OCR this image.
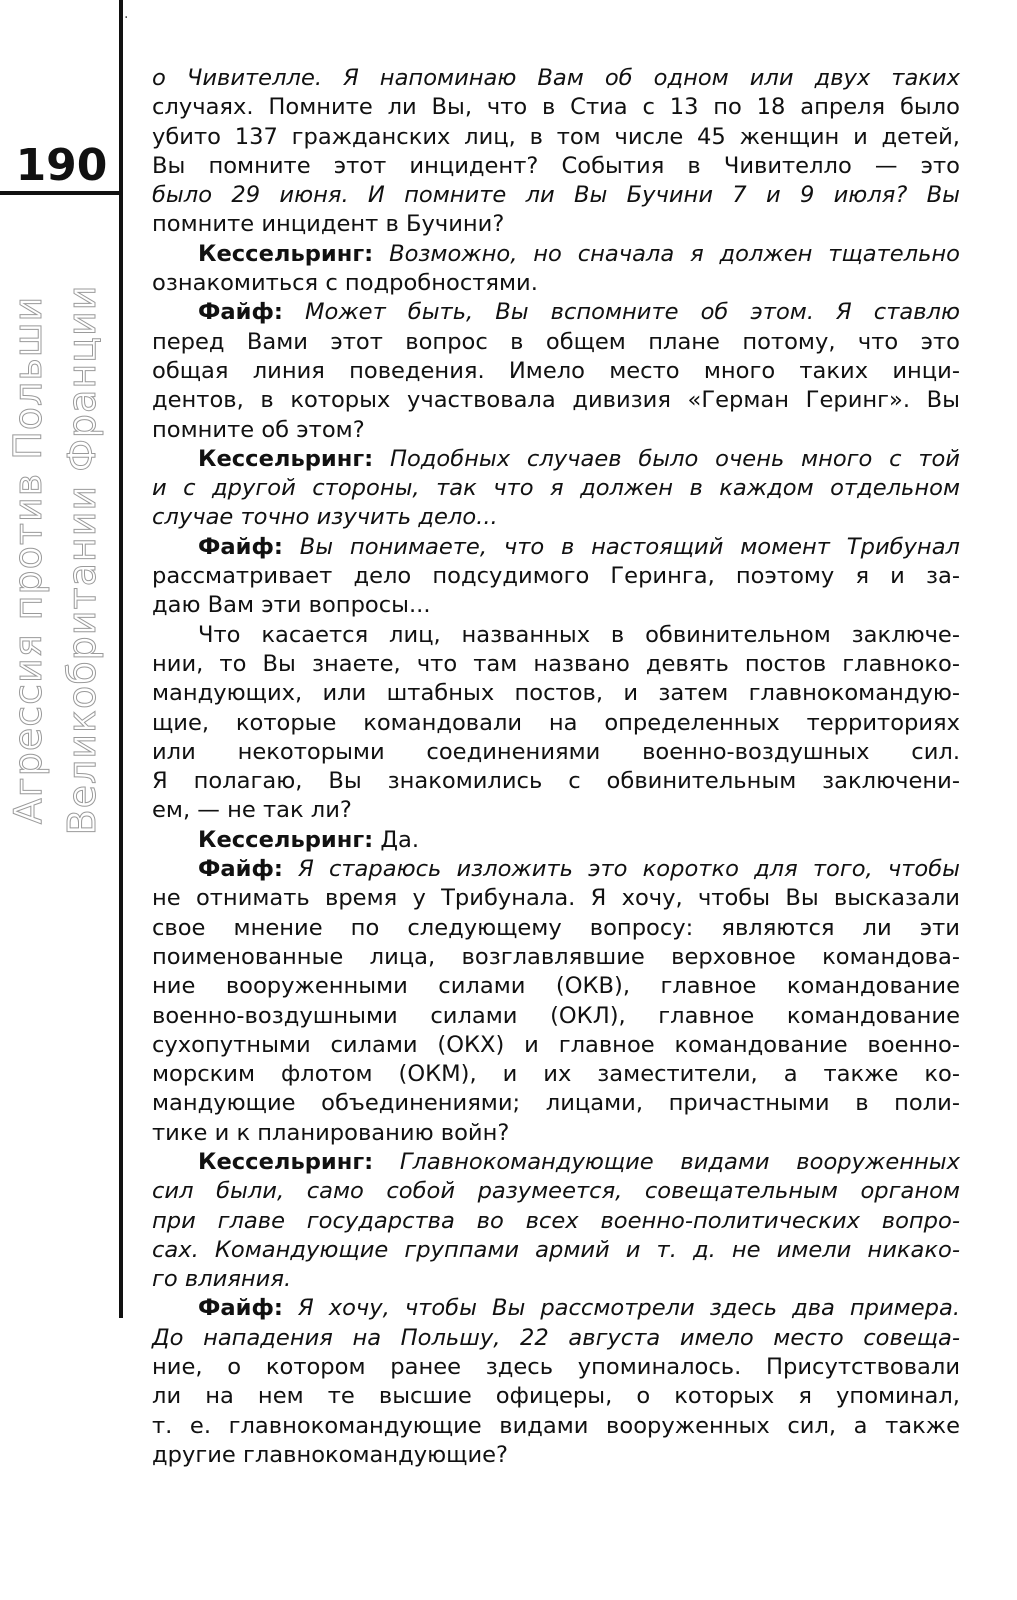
·
190
Агрессия против Польши Великобритании Франции
о Чивителле. Я напоминаю Вам об одном или двух таких
случаях. Помните ли Вы, что в Стиа с 13 по 18 апреля было
убито 137 гражданских лиц, в том числе 45 женщин и детей,
Вы помните этот инцидент? События в Чивителло — это
было 29 июня. И помните ли Вы Бучини 7 и 9 июля? Вы
помните инцидент в Бучини?
Кессельринг: Возможно, но сначала я должен тщательно
ознакомиться с подробностями.
Файф: Может быть, Вы вспомните об этом. Я ставлю
перед Вами этот вопрос в общем плане потому, что это
общая линия поведения. Имело место много таких инци-
дентов, в которых участвовала дивизия «Герман Геринг». Вы
помните об этом?
Кессельринг: Подобных случаев было очень много с той
и с другой стороны, так что я должен в каждом отдельном
случае точно изучить дело...
Файф: Вы понимаете, что в настоящий момент Трибунал
рассматривает дело подсудимого Геринга, поэтому я и за-
даю Вам эти вопросы...
Что касается лиц, названных в обвинительном заключе-
нии, то Вы знаете, что там названо девять постов главноко-
мандующих, или штабных постов, и затем главнокомандую-
щие, которые командовали на определенных территориях
или некоторыми соединениями военно-воздушных сил.
Я полагаю, Вы знакомились с обвинительным заключени-
ем, — не так ли?
Кессельринг: Да.
Файф: Я стараюсь изложить это коротко для того, чтобы
не отнимать время у Трибунала. Я хочу, чтобы Вы высказали
свое мнение по следующему вопросу: являются ли эти
поименованные лица, возглавлявшие верховное командова-
ние вооруженными силами (ОКВ), главное командование
военно-воздушными силами (ОКЛ), главное командование
сухопутными силами (ОКХ) и главное командование военно-
морским флотом (ОКМ), и их заместители, а также ко-
мандующие объединениями; лицами, причастными в поли-
тике и к планированию войн?
Кессельринг: Главнокомандующие видами вооруженных
сил были, само собой разумеется, совещательным органом
при главе государства во всех военно-политических вопро-
сах. Командующие группами армий и т. д. не имели никако-
го влияния.
Файф: Я хочу, чтобы Вы рассмотрели здесь два примера.
До нападения на Польшу, 22 августа имело место совеща-
ние, о котором ранее здесь упоминалось. Присутствовали
ли на нем те высшие офицеры, о которых я упоминал,
т. е. главнокомандующие видами вооруженных сил, а также
другие главнокомандующие?
